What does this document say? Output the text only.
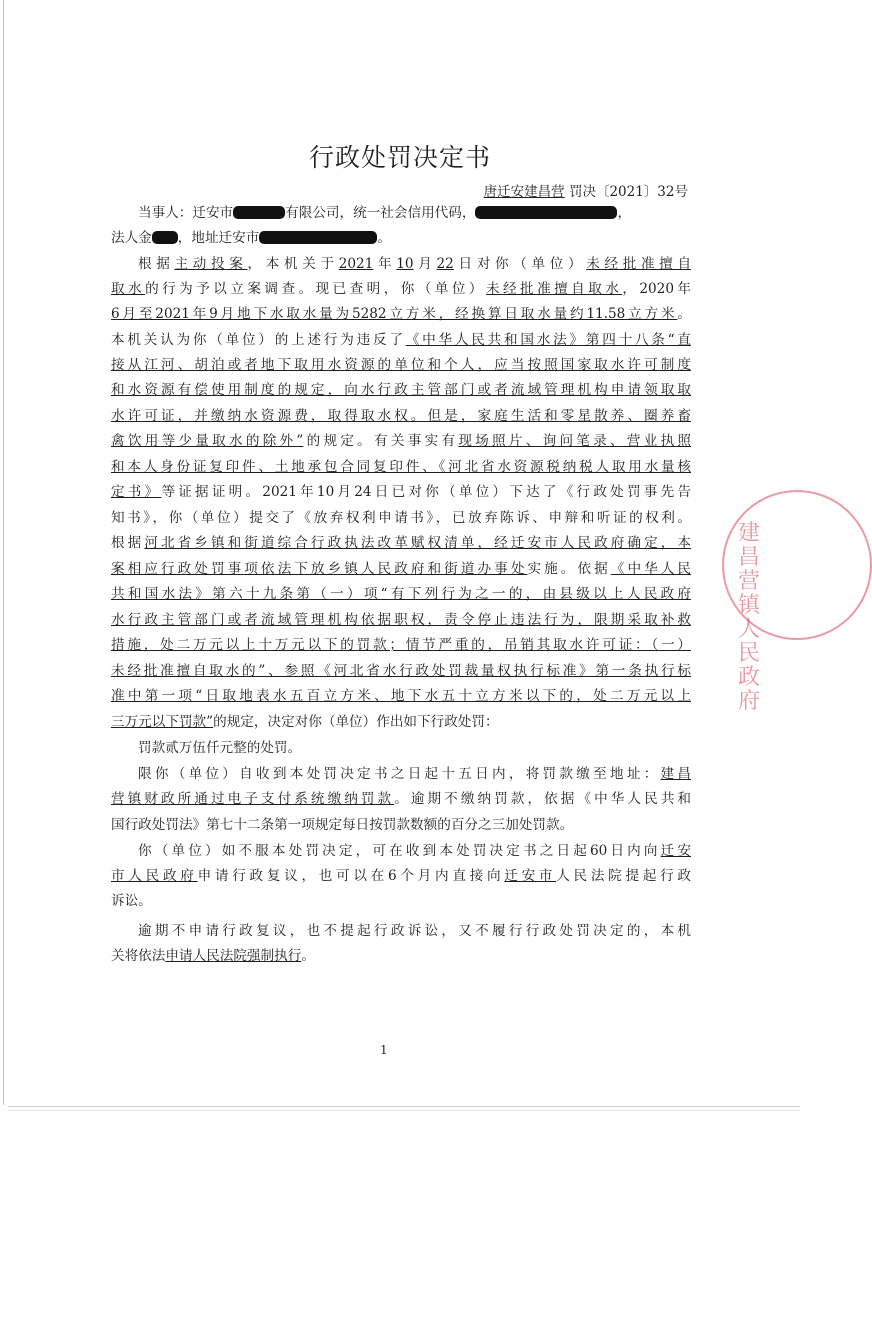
行政处罚决定书
唐迁安建昌营 罚决〔2021〕32号
当事人：迁安市	有限公司，统一社会信用代码，	，
法人金 ，地址迁安市	。
根据主动投案，本机关于2021年10月22日对你（单位）未经批准擅自
取水的行为予以立案调查。现已查明，你（单位）未经批准擅自取水，2020年
6月至2021年9月地下水取水量为5282立方米，经换算日取水量约11.58立方米。
本机关认为你（单位）的上述行为违反了《中华人民共和国水法》第四十八条“直
接从江河、胡泊或者地下取用水资源的单位和个人，应当按照国家取水许可制度
和水资源有偿使用制度的规定，向水行政主管部门或者流域管理机构申请领取取
水许可证，并缴纳水资源费，取得取水权。但是，家庭生活和零星散养、圈养畜
禽饮用等少量取水的除外”的规定。有关事实有现场照片、询问笔录、营业执照
和本人身份证复印件、土地承包合同复印件、《河北省水资源税纳税人取用水量核
定书》等证据证明。2021年10月24日已对你（单位）下达了《行政处罚事先告
知书》，你（单位）提交了《放弃权利申请书》，已放弃陈诉、申辩和听证的权利。
根据河北省乡镇和街道综合行政执法改革赋权清单，经迁安市人民政府确定，本
案相应行政处罚事项依法下放乡镇人民政府和街道办事处实施。依据《中华人民
共和国水法》第六十九条第（一）项“有下列行为之一的，由县级以上人民政府
水行政主管部门或者流域管理机构依据职权，责令停止违法行为，限期采取补救
措施，处二万元以上十万元以下的罚款；情节严重的，吊销其取水许可证：（一）
未经批准擅自取水的”、参照《河北省水行政处罚裁量权执行标准》第一条执行标
准中第一项“日取地表水五百立方米、地下水五十立方米以下的，处二万元以上
三万元以下罚款”的规定，决定对你（单位）作出如下行政处罚：
罚款贰万伍仟元整的处罚。
限你（单位）自收到本处罚决定书之日起十五日内，将罚款缴至地址：建昌
营镇财政所通过电子支付系统缴纳罚款。逾期不缴纳罚款，依据《中华人民共和
国行政处罚法》第七十二条第一项规定每日按罚款数额的百分之三加处罚款。
你（单位）如不服本处罚决定，可在收到本处罚决定书之日起60日内向迁安
市人民政府申请行政复议，也可以在6个月内直接向迁安市人民法院提起行政
诉讼。
逾期不申请行政复议，也不提起行政诉讼，又不履行行政处罚决定的，本机
关将依法申请人民法院强制执行。
1
建昌营镇人民政府
